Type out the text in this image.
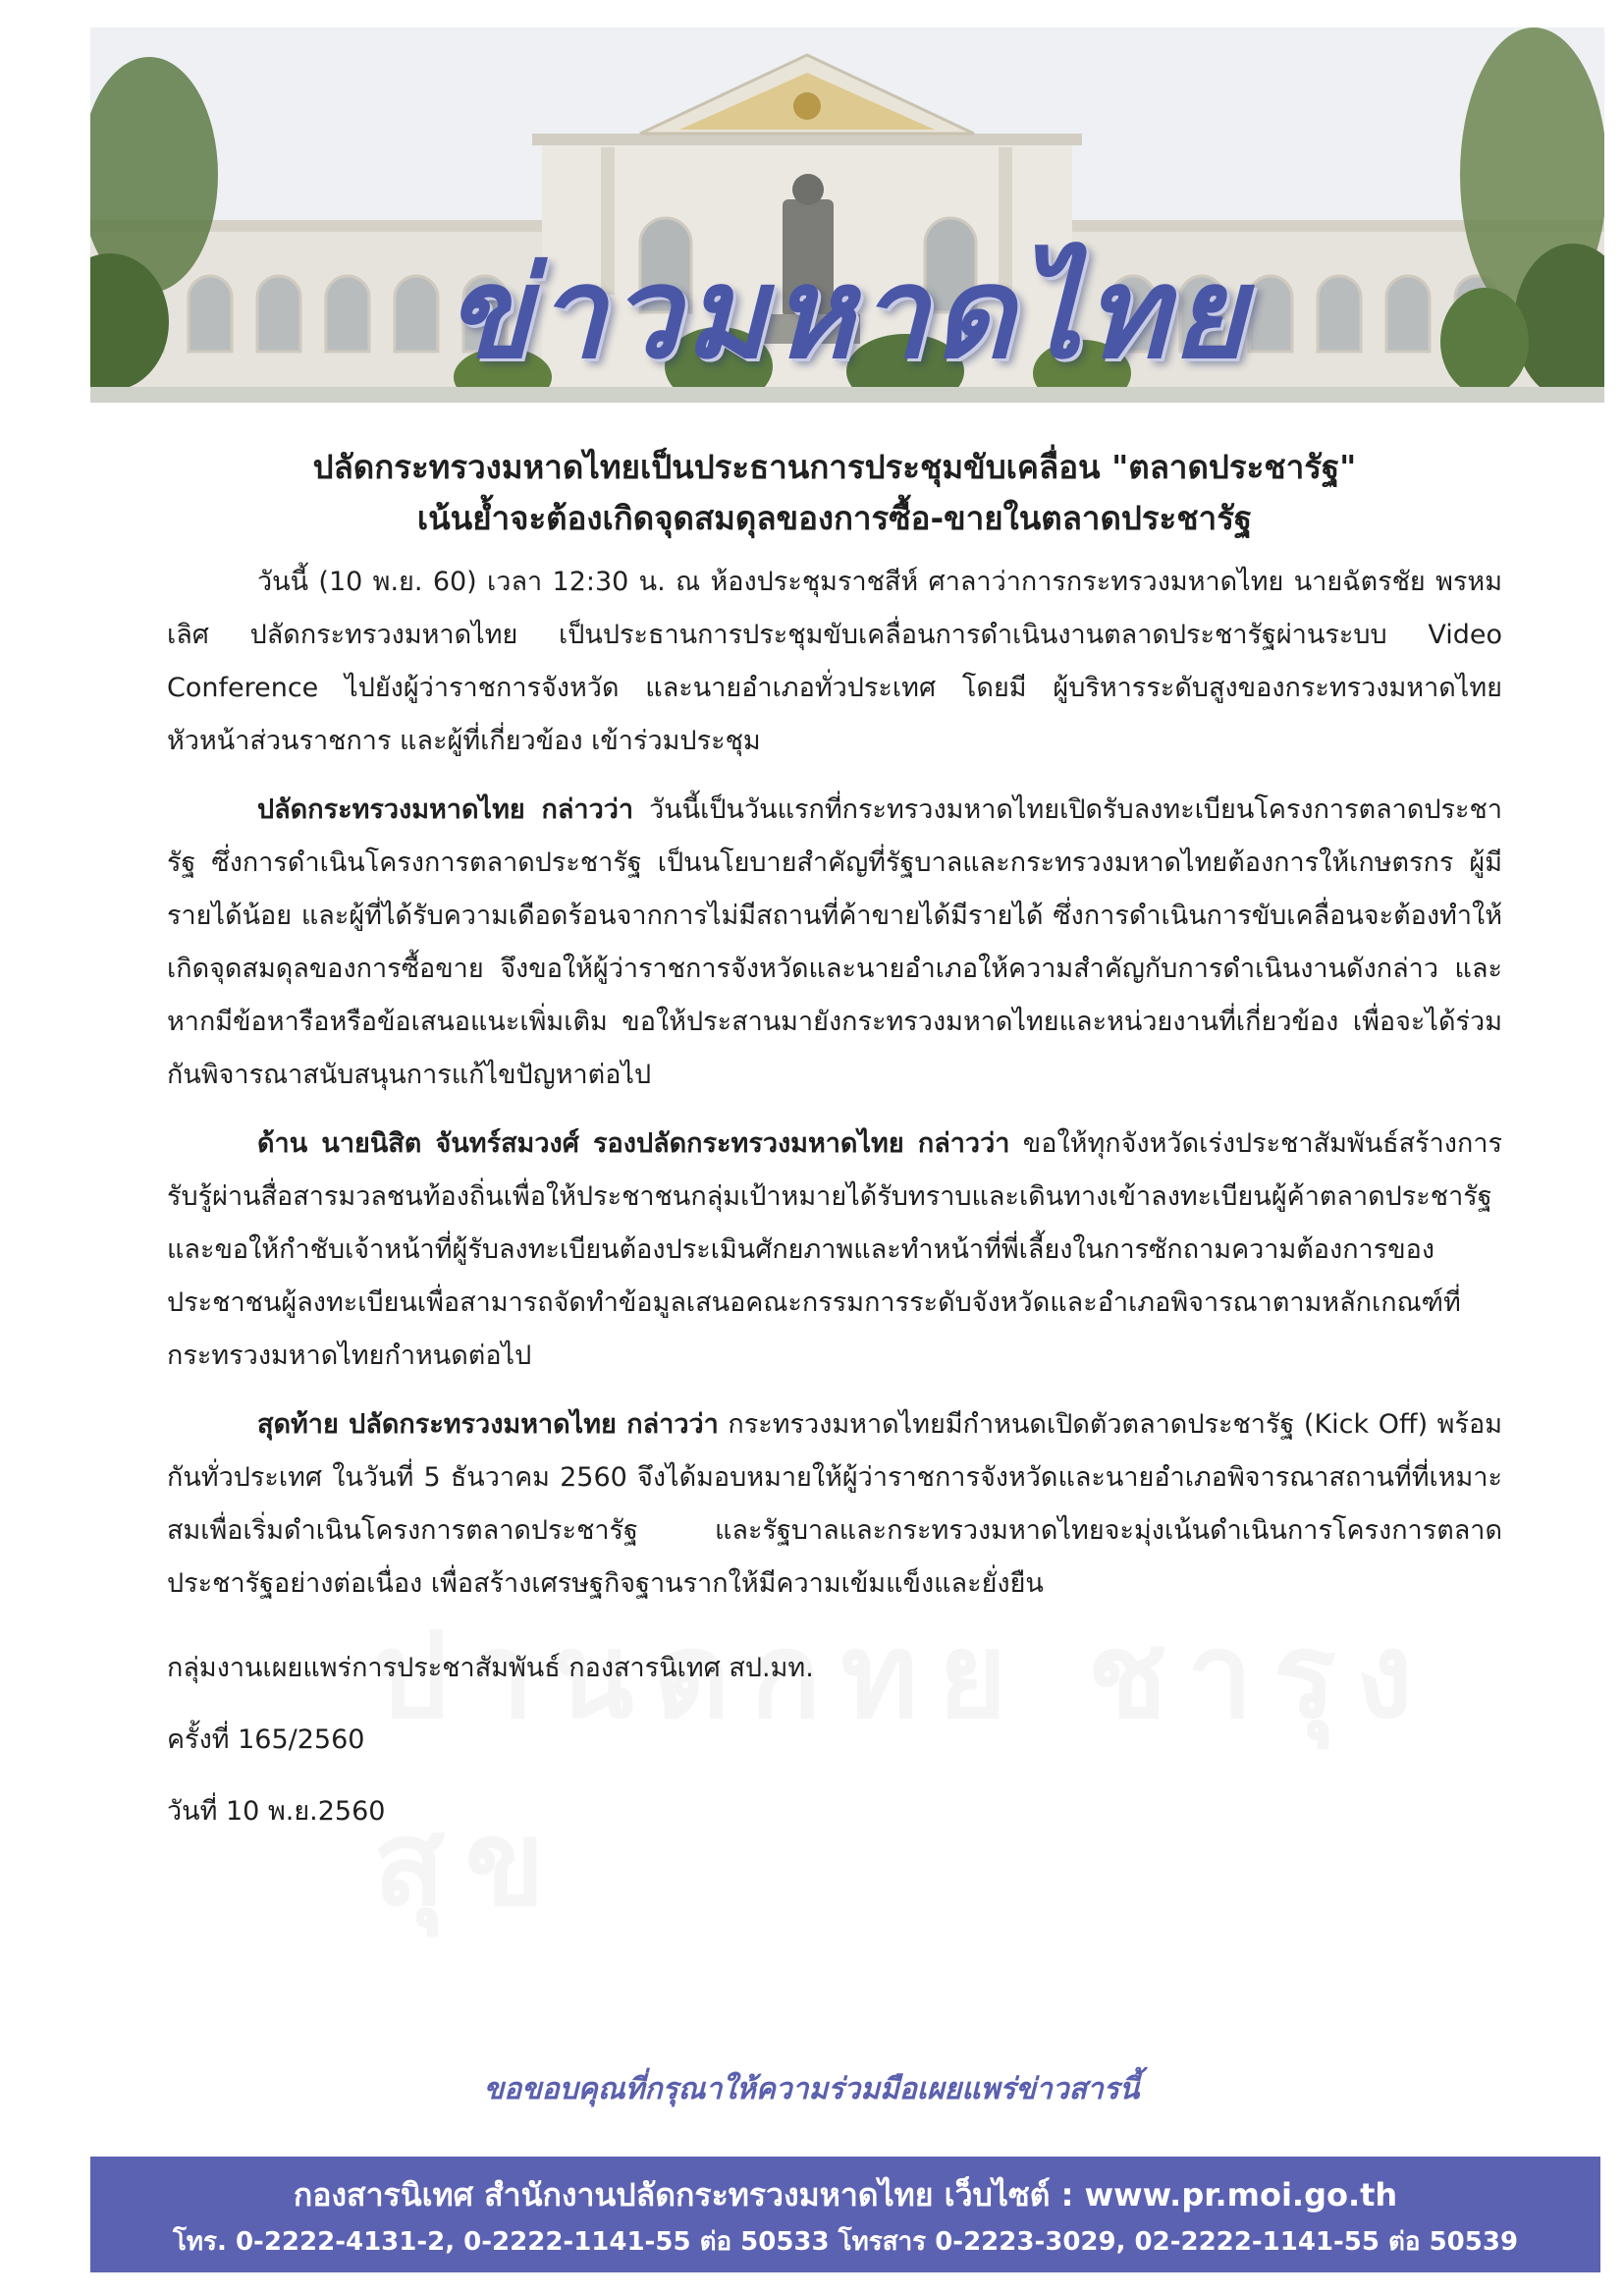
ข่าวมหาดไทย

ปลัดกระทรวงมหาดไทยเป็นประธานการประชุมขับเคลื่อน "ตลาดประชารัฐ"

เน้นย้ำจะต้องเกิดจุดสมดุลของการซื้อ-ขายในตลาดประชารัฐ

วันนี้ (10 พ.ย. 60) เวลา 12:30 น. ณ ห้องประชุมราชสีห์ ศาลาว่าการกระทรวงมหาดไทย นายฉัตรชัย พรหมเลิศ ปลัดกระทรวงมหาดไทย เป็นประธานการประชุมขับเคลื่อนการดำเนินงานตลาดประชารัฐผ่านระบบ Video Conference ไปยังผู้ว่าราชการจังหวัด และนายอำเภอทั่วประเทศ โดยมี ผู้บริหารระดับสูงของกระทรวงมหาดไทย หัวหน้าส่วนราชการ และผู้ที่เกี่ยวข้อง เข้าร่วมประชุม

ปลัดกระทรวงมหาดไทย กล่าวว่า วันนี้เป็นวันแรกที่กระทรวงมหาดไทยเปิดรับลงทะเบียนโครงการตลาดประชารัฐ ซึ่งการดำเนินโครงการตลาดประชารัฐ เป็นนโยบายสำคัญที่รัฐบาลและกระทรวงมหาดไทยต้องการให้เกษตรกร ผู้มีรายได้น้อย และผู้ที่ได้รับความเดือดร้อนจากการไม่มีสถานที่ค้าขายได้มีรายได้ ซึ่งการดำเนินการขับเคลื่อนจะต้องทำให้เกิดจุดสมดุลของการซื้อขาย จึงขอให้ผู้ว่าราชการจังหวัดและนายอำเภอให้ความสำคัญกับการดำเนินงานดังกล่าว และหากมีข้อหารือหรือข้อเสนอแนะเพิ่มเติม ขอให้ประสานมายังกระทรวงมหาดไทยและหน่วยงานที่เกี่ยวข้อง เพื่อจะได้ร่วมกันพิจารณาสนับสนุนการแก้ไขปัญหาต่อไป

ด้าน นายนิสิต จันทร์สมวงศ์ รองปลัดกระทรวงมหาดไทย กล่าวว่า ขอให้ทุกจังหวัดเร่งประชาสัมพันธ์สร้างการรับรู้ผ่านสื่อสารมวลชนท้องถิ่นเพื่อให้ประชาชนกลุ่มเป้าหมายได้รับทราบและเดินทางเข้าลงทะเบียนผู้ค้าตลาดประชารัฐ และขอให้กำชับเจ้าหน้าที่ผู้รับลงทะเบียนต้องประเมินศักยภาพและทำหน้าที่พี่เลี้ยงในการซักถามความต้องการของประชาชนผู้ลงทะเบียนเพื่อสามารถจัดทำข้อมูลเสนอคณะกรรมการระดับจังหวัดและอำเภอพิจารณาตามหลักเกณฑ์ที่กระทรวงมหาดไทยกำหนดต่อไป

สุดท้าย ปลัดกระทรวงมหาดไทย กล่าวว่า กระทรวงมหาดไทยมีกำหนดเปิดตัวตลาดประชารัฐ (Kick Off) พร้อมกันทั่วประเทศ ในวันที่ 5 ธันวาคม 2560 จึงได้มอบหมายให้ผู้ว่าราชการจังหวัดและนายอำเภอพิจารณาสถานที่ที่เหมาะสมเพื่อเริ่มดำเนินโครงการตลาดประชารัฐ และรัฐบาลและกระทรวงมหาดไทยจะมุ่งเน้นดำเนินการโครงการตลาดประชารัฐอย่างต่อเนื่อง เพื่อสร้างเศรษฐกิจฐานรากให้มีความเข้มแข็งและยั่งยืน

กลุ่มงานเผยแพร่การประชาสัมพันธ์ กองสารนิเทศ สป.มท.

ครั้งที่ 165/2560

วันที่ 10 พ.ย.2560

ขอขอบคุณที่กรุณาให้ความร่วมมือเผยแพร่ข่าวสารนี้
กองสารนิเทศ สำนักงานปลัดกระทรวงมหาดไทย เว็บไซต์ : www.pr.moi.go.th
โทร. 0-2222-4131-2, 0-2222-1141-55 ต่อ 50533 โทรสาร 0-2223-3029, 02-2222-1141-55 ต่อ 50539
